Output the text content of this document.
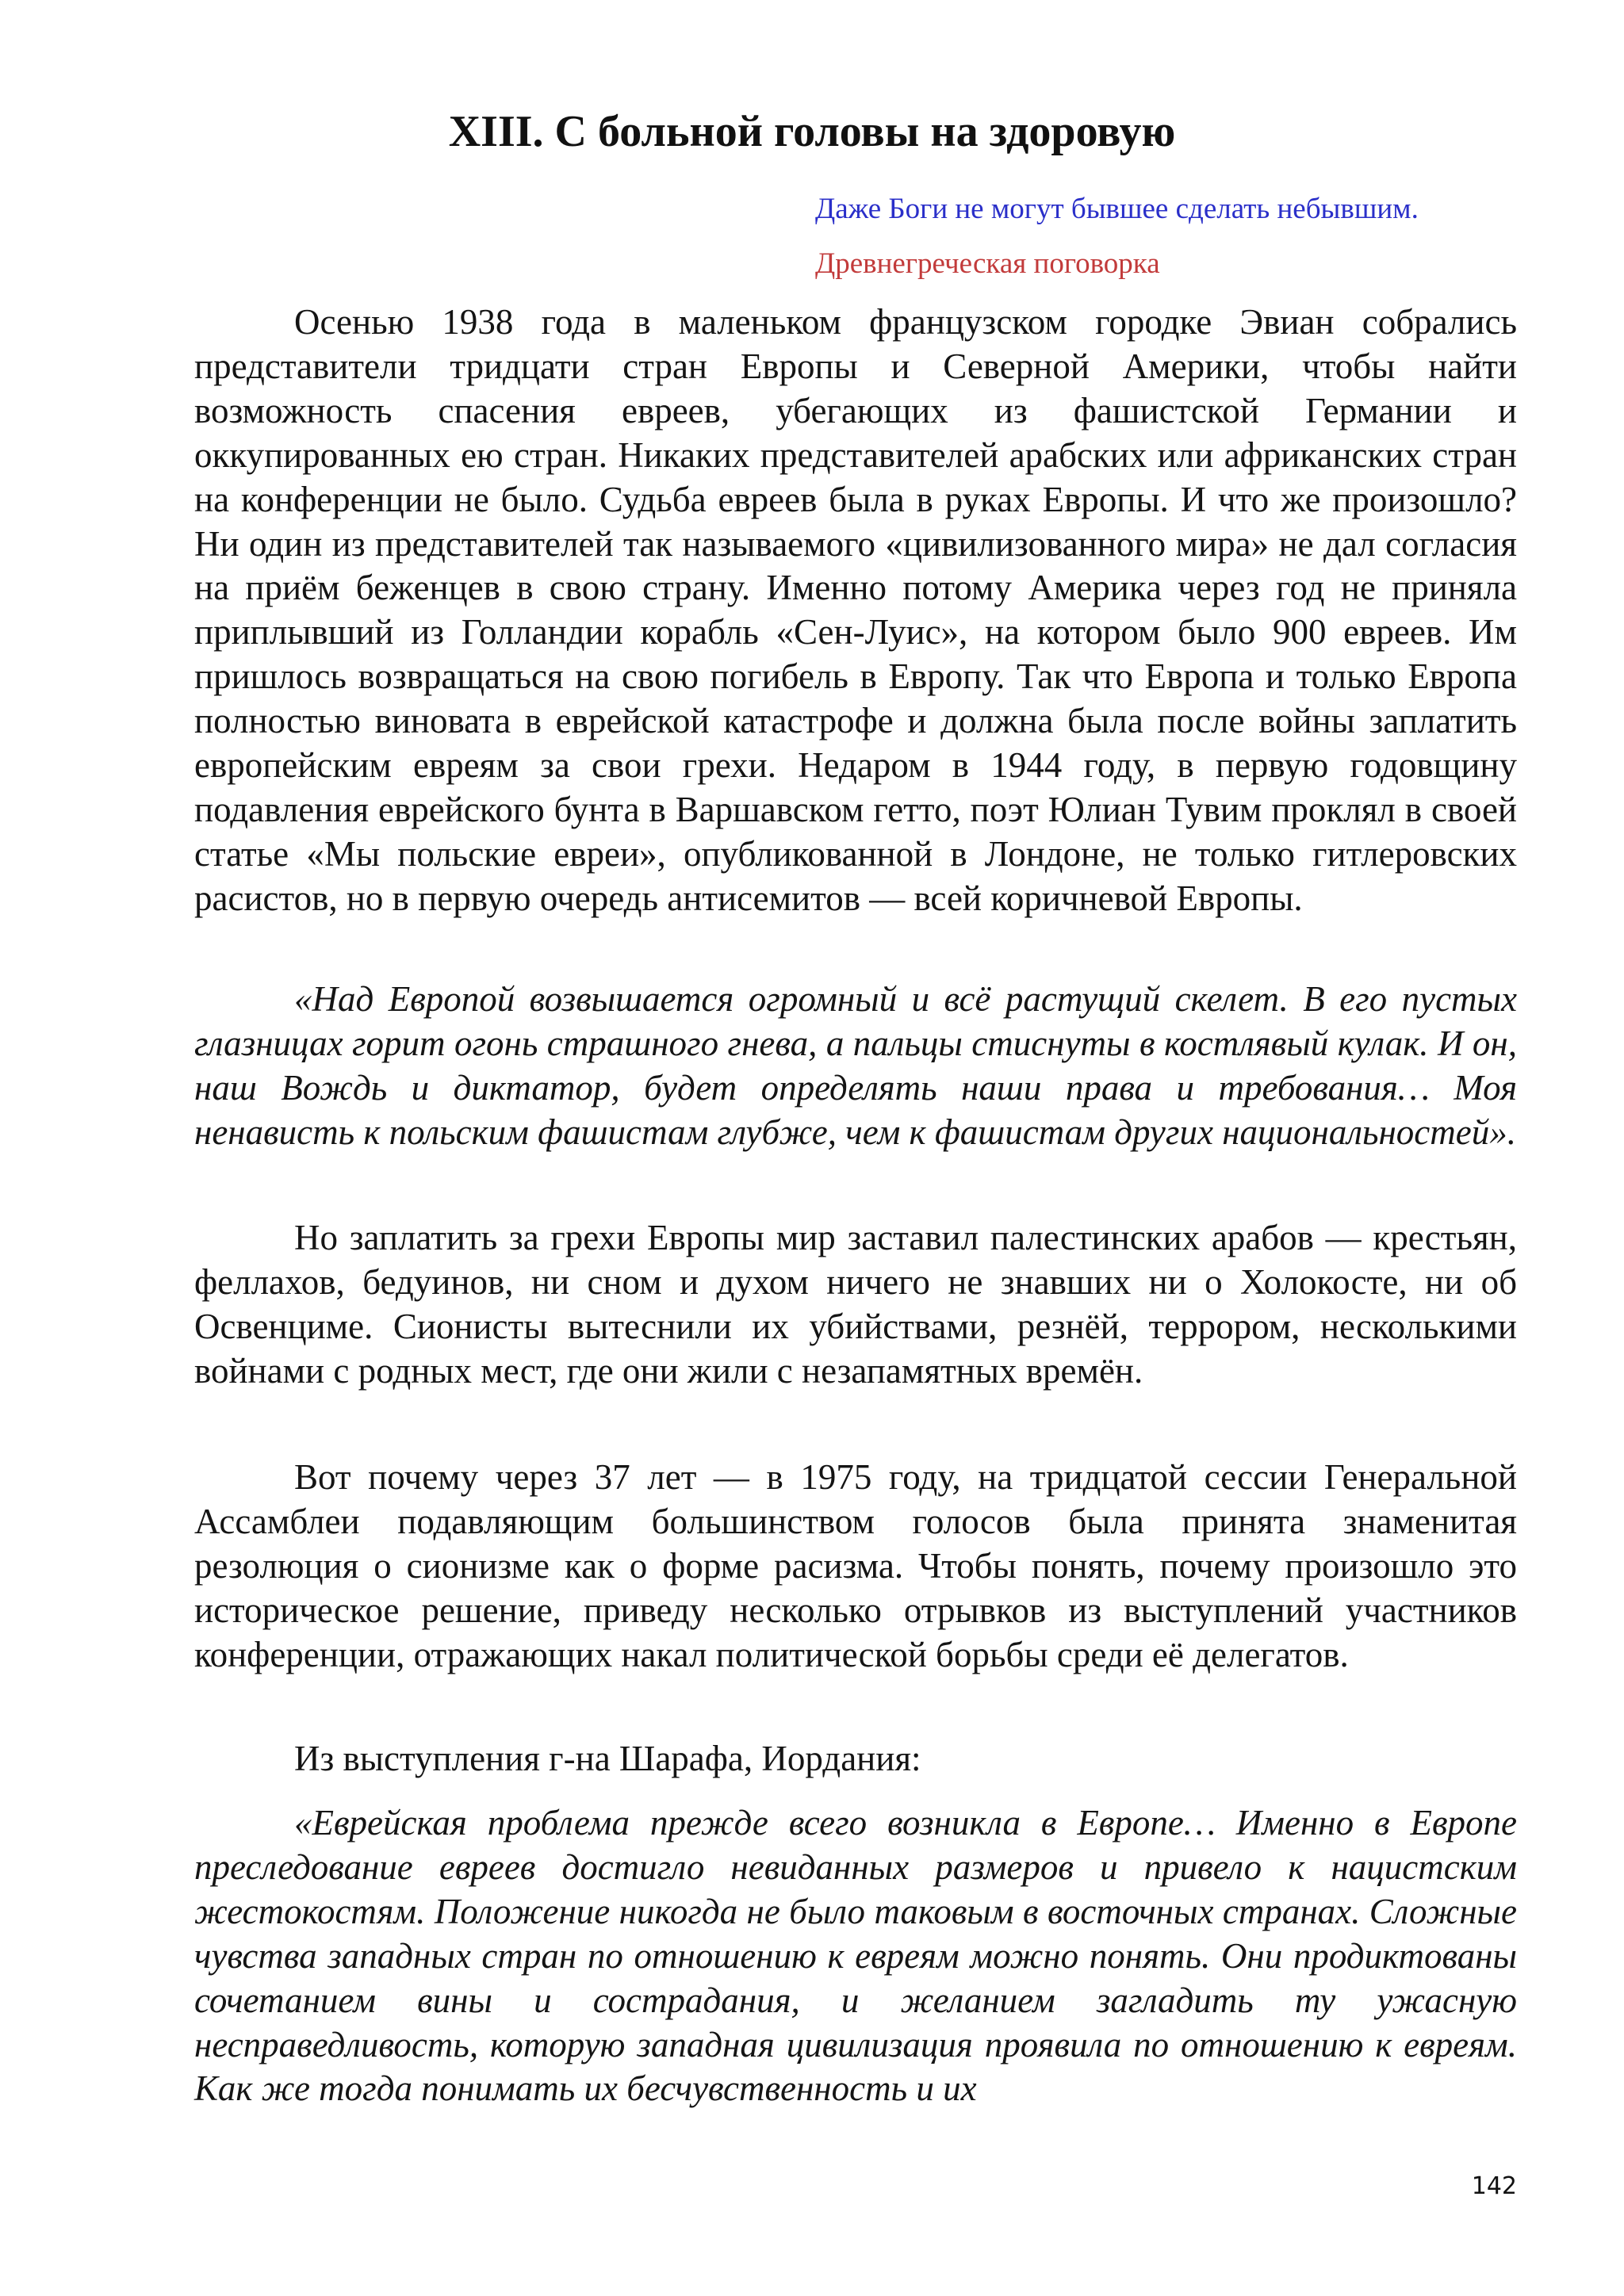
XIII. С больной головы на здоровую

Даже Боги не могут бывшее сделать небывшим.

Древнегреческая поговорка

Осенью 1938 года в маленьком французском городке Эвиан собрались представители тридцати стран Европы и Северной Америки, чтобы найти возможность спасения евреев, убегающих из фашистской Германии и оккупированных ею стран. Никаких представителей арабских или африканских стран на конференции не было. Судьба евреев была в руках Европы. И что же произошло? Ни один из представителей так называемого «цивилизованного мира» не дал согласия на приём беженцев в свою страну. Именно потому Америка через год не приняла приплывший из Голландии корабль «Сен-Луис», на котором было 900 евреев. Им пришлось возвращаться на свою погибель в Европу. Так что Европа и только Европа полностью виновата в еврейской катастрофе и должна была после войны заплатить европейским евреям за свои грехи. Недаром в 1944 году, в первую годовщину подавления еврейского бунта в Варшавском гетто, поэт Юлиан Тувим проклял в своей статье «Мы польские евреи», опубликованной в Лондоне, не только гитлеровских расистов, но в первую очередь антисемитов — всей коричневой Европы.

«Над Европой возвышается огромный и всё растущий скелет. В его пустых глазницах горит огонь страшного гнева, а пальцы стиснуты в костлявый кулак. И он, наш Вождь и диктатор, будет определять наши права и требования… Моя ненависть к польским фашистам глубже, чем к фашистам других национальностей».

Но заплатить за грехи Европы мир заставил палестинских арабов — крестьян, феллахов, бедуинов, ни сном и духом ничего не знавших ни о Холокосте, ни об Освенциме. Сионисты вытеснили их убийствами, резнёй, террором, несколькими войнами с родных мест, где они жили с незапамятных времён.

Вот почему через 37 лет — в 1975 году, на тридцатой сессии Генеральной Ассамблеи подавляющим большинством голосов была принята знаменитая резолюция о сионизме как о форме расизма. Чтобы понять, почему произошло это историческое решение, приведу несколько отрывков из выступлений участников конференции, отражающих накал политической борьбы среди её делегатов.

Из выступления г-на Шарафа, Иордания:

«Еврейская проблема прежде всего возникла в Европе… Именно в Европе преследование евреев достигло невиданных размеров и привело к нацистским жестокостям. Положение никогда не было таковым в восточных странах. Сложные чувства западных стран по отношению к евреям можно понять. Они продиктованы сочетанием вины и сострадания, и желанием загладить ту ужасную несправедливость, которую западная цивилизация проявила по отношению к евреям. Как же тогда понимать их бесчувственность и их

142
